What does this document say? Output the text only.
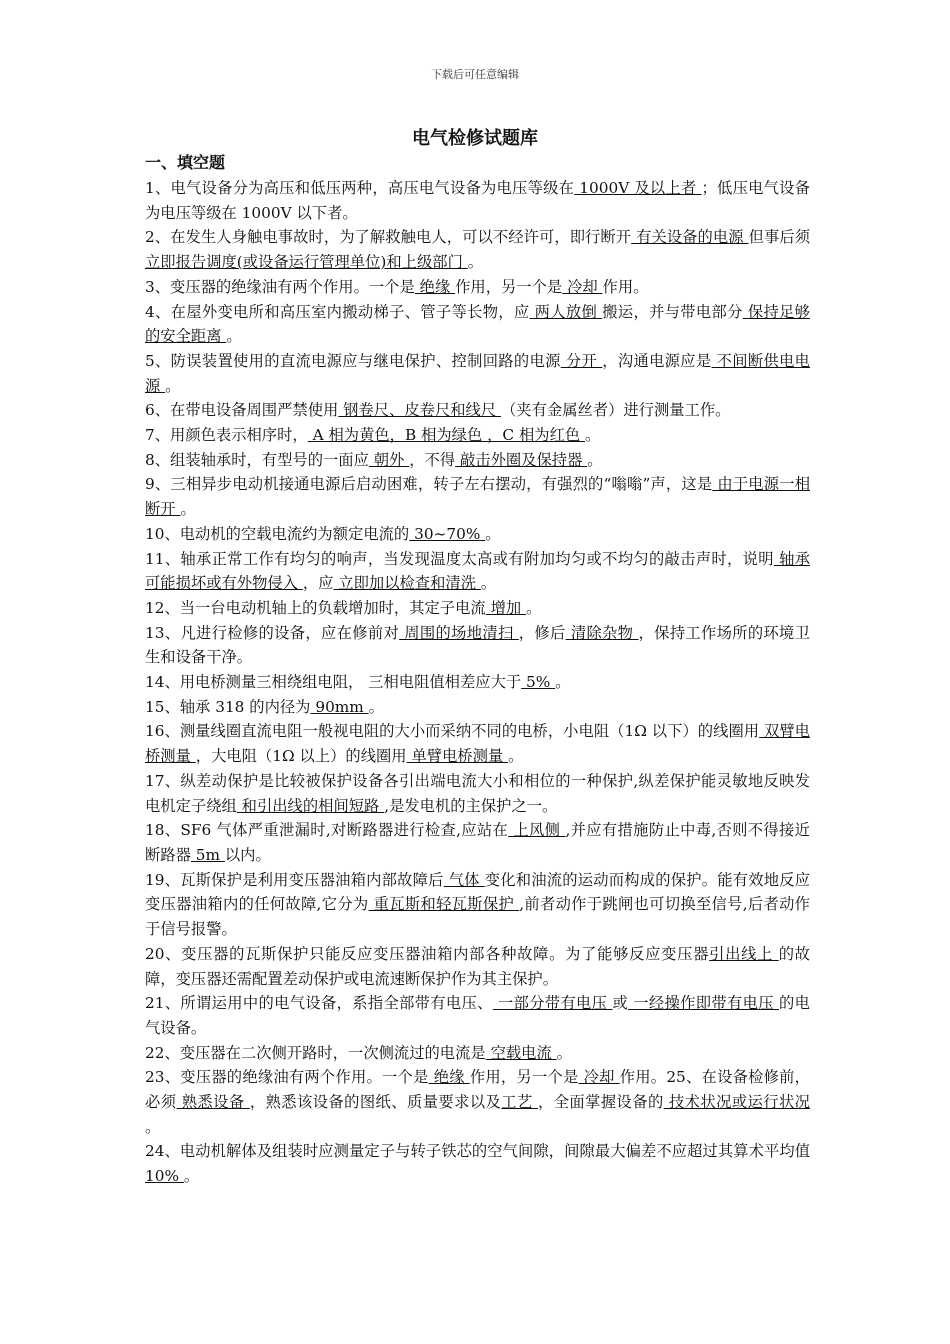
下载后可任意编辑
电气检修试题库
一、填空题

1、电气设备分为高压和低压两种，高压电气设备为电压等级在 1000V 及以上者 ；低压电气设备为电压等级在 1000V 以下者。

2、在发生人身触电事故时，为了解救触电人，可以不经许可，即行断开 有关设备的电源 但事后须 立即报告调度(或设备运行管理单位)和上级部门 。

3、变压器的绝缘油有两个作用。一个是 绝缘 作用，另一个是 冷却 作用。

4、在屋外变电所和高压室内搬动梯子、管子等长物，应 两人放倒 搬运，并与带电部分 保持足够的安全距离 。

5、防误装置使用的直流电源应与继电保护、控制回路的电源 分开 ，沟通电源应是 不间断供电电源 。

6、在带电设备周围严禁使用 钢卷尺、皮卷尺和线尺 （夹有金属丝者）进行测量工作。

7、用颜色表示相序时， A 相为黄色，B 相为绿色 ，C 相为红色 。

8、组装轴承时，有型号的一面应 朝外 ，不得 敲击外圈及保持器 。

9、三相异步电动机接通电源后启动困难，转子左右摆动，有强烈的“嗡嗡”声，这是 由于电源一相断开 。

10、电动机的空载电流约为额定电流的 30~70% 。

11、轴承正常工作有均匀的响声，当发现温度太高或有附加均匀或不均匀的敲击声时，说明 轴承可能损坏或有外物侵入 ，应 立即加以检查和清洗 。

12、当一台电动机轴上的负载增加时，其定子电流 增加 。

13、凡进行检修的设备，应在修前对 周围的场地清扫 ，修后 清除杂物 ，保持工作场所的环境卫生和设备干净。

14、用电桥测量三相绕组电阻， 三相电阻值相差应大于 5% 。

15、轴承 318 的内径为 90mm 。

16、测量线圈直流电阻一般视电阻的大小而采纳不同的电桥，小电阻（1Ω 以下）的线圈用 双臂电桥测量 ，大电阻（1Ω 以上）的线圈用 单臂电桥测量 。

17、纵差动保护是比较被保护设备各引出端电流大小和相位的一种保护,纵差保护能灵敏地反映发电机定子绕组 和引出线的相间短路 ,是发电机的主保护之一。

18、SF6 气体严重泄漏时,对断路器进行检查,应站在 上风侧 ,并应有措施防止中毒,否则不得接近断路器 5m 以内。

19、瓦斯保护是利用变压器油箱内部故障后 气体 变化和油流的运动而构成的保护。能有效地反应变压器油箱内的任何故障,它分为 重瓦斯和轻瓦斯保护 ,前者动作于跳闸也可切换至信号,后者动作于信号报警。

20、变压器的瓦斯保护只能反应变压器油箱内部各种故障。为了能够反应变压器引出线上 的故障，变压器还需配置差动保护或电流速断保护作为其主保护。

21、所谓运用中的电气设备，系指全部带有电压、 一部分带有电压 或 一经操作即带有电压 的电气设备。

22、变压器在二次侧开路时，一次侧流过的电流是 空载电流 。

23、变压器的绝缘油有两个作用。一个是 绝缘 作用，另一个是 冷却 作用。25、在设备检修前，必须 熟悉设备 ，熟悉该设备的图纸、质量要求以及工艺 ，全面掌握设备的 技术状况或运行状况 。

24、电动机解体及组装时应测量定子与转子铁芯的空气间隙，间隙最大偏差不应超过其算术平均值 10% 。
